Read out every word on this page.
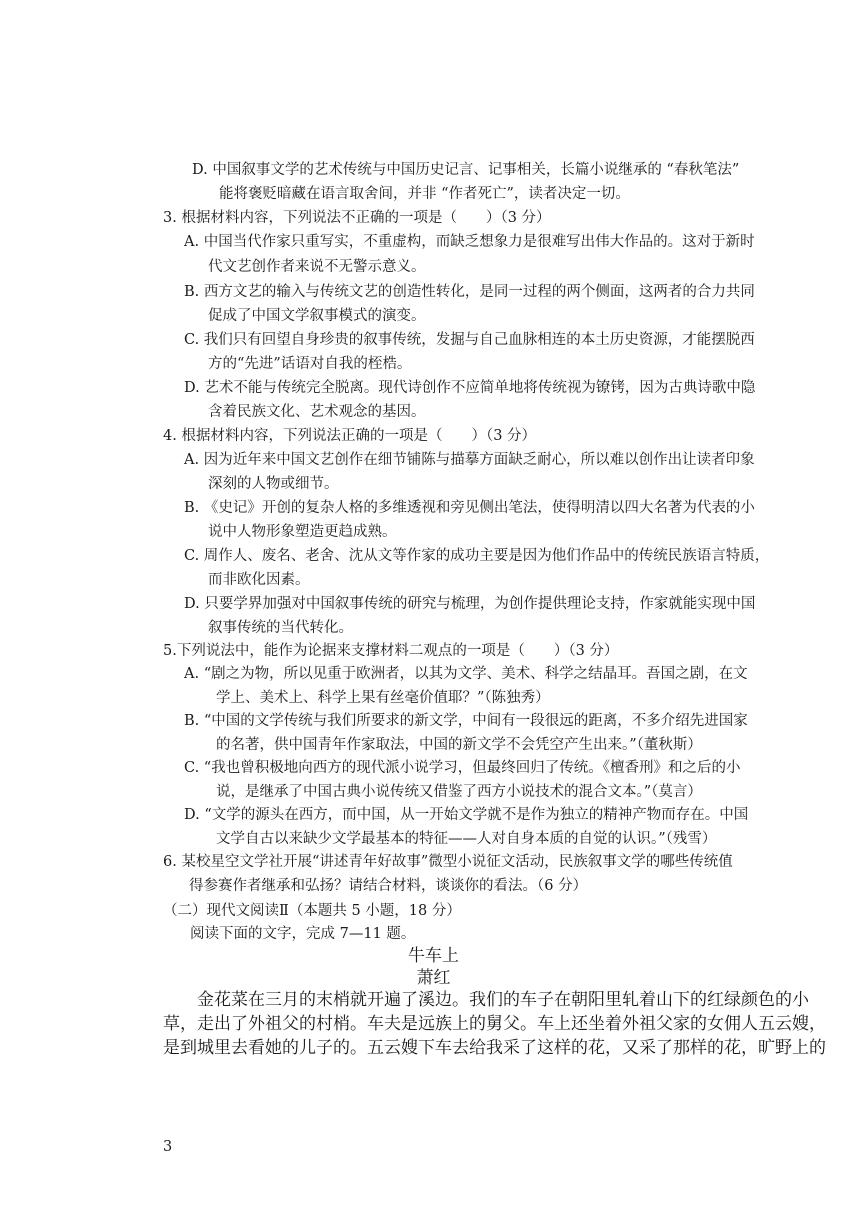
D. 中国叙事文学的艺术传统与中国历史记言、记事相关，长篇小说继承的 “春秋笔法”
能将褒贬暗藏在语言取舍间，并非 “作者死亡”，读者决定一切。
3. 根据材料内容，下列说法不正确的一项是（　　）（3 分）
A. 中国当代作家只重写实，不重虚构，而缺乏想象力是很难写出伟大作品的。这对于新时
代文艺创作者来说不无警示意义。
B. 西方文艺的输入与传统文艺的创造性转化，是同一过程的两个侧面，这两者的合力共同
促成了中国文学叙事模式的演变。
C. 我们只有回望自身珍贵的叙事传统，发掘与自己血脉相连的本土历史资源，才能摆脱西
方的“先进”话语对自我的桎梏。
D. 艺术不能与传统完全脱离。现代诗创作不应简单地将传统视为镣铐，因为古典诗歌中隐
含着民族文化、艺术观念的基因。
4. 根据材料内容，下列说法正确的一项是（　　）（3 分）
A. 因为近年来中国文艺创作在细节铺陈与描摹方面缺乏耐心，所以难以创作出让读者印象
深刻的人物或细节。
B. 《史记》开创的复杂人格的多维透视和旁见侧出笔法，使得明清以四大名著为代表的小
说中人物形象塑造更趋成熟。
C. 周作人、废名、老舍、沈从文等作家的成功主要是因为他们作品中的传统民族语言特质，
而非欧化因素。
D. 只要学界加强对中国叙事传统的研究与梳理，为创作提供理论支持，作家就能实现中国
叙事传统的当代转化。
5.下列说法中，能作为论据来支撑材料二观点的一项是（　　）（3 分）
A. “剧之为物，所以见重于欧洲者，以其为文学、美术、科学之结晶耳。吾国之剧，在文
学上、美术上、科学上果有丝毫价值耶？”（陈独秀）
B. “中国的文学传统与我们所要求的新文学，中间有一段很远的距离，不多介绍先进国家
的名著，供中国青年作家取法，中国的新文学不会凭空产生出来。”（董秋斯）
C. “我也曾积极地向西方的现代派小说学习，但最终回归了传统。《檀香刑》和之后的小
说，是继承了中国古典小说传统又借鉴了西方小说技术的混合文本。”（莫言）
D. “文学的源头在西方，而中国，从一开始文学就不是作为独立的精神产物而存在。中国
文学自古以来缺少文学最基本的特征——人对自身本质的自觉的认识。”（残雪）
6. 某校星空文学社开展“讲述青年好故事”微型小说征文活动，民族叙事文学的哪些传统值
得参赛作者继承和弘扬？请结合材料，谈谈你的看法。（6 分）
（二）现代文阅读Ⅱ（本题共 5 小题，18 分）
阅读下面的文字，完成 7—11 题。
牛车上
萧红
金花菜在三月的末梢就开遍了溪边。我们的车子在朝阳里轧着山下的红绿颜色的小
草，走出了外祖父的村梢。车夫是远族上的舅父。车上还坐着外祖父家的女佣人五云嫂，
是到城里去看她的儿子的。五云嫂下车去给我采了这样的花，又采了那样的花，旷野上的
3
